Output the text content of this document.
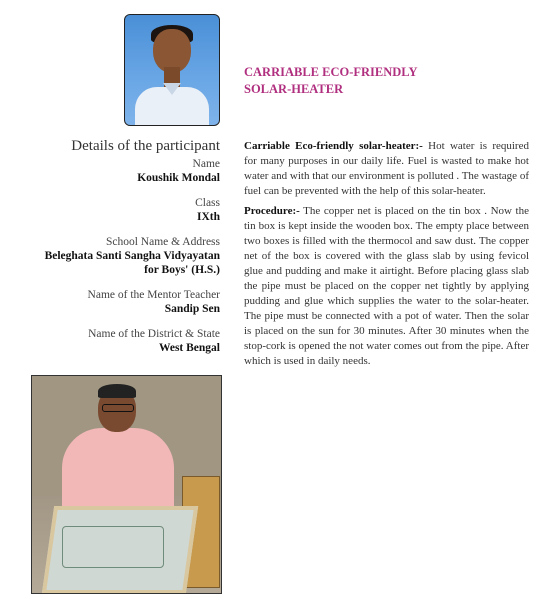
CARRIABLE ECO-FRIENDLY
SOLAR-HEATER
Details of the participant
Name
Koushik Mondal
Class
IXth
School Name & Address
Beleghata Santi Sangha Vidyayatan
for Boys' (H.S.)
Name of the Mentor Teacher
Sandip Sen
Name of the District & State
West Bengal

Carriable Eco-friendly solar-heater:- Hot water is required for many purposes in our daily life. Fuel is wasted to make hot water and with that our environment is polluted . The wastage of fuel can be prevented with the help of this solar-heater.

Procedure:- The copper net is placed on the tin box . Now the tin box is kept inside the wooden box. The empty place between two boxes is filled with the thermocol and saw dust. The copper net of the box is covered with the glass slab by using fevicol glue and pudding and make it airtight. Before placing glass slab the pipe must be placed on the copper net tightly by applying pudding and glue which supplies the water to the solar-heater. The pipe must be connected with a pot of water. Then the solar is placed on the sun for 30 minutes. After 30 minutes when the stop-cork is opened the not water comes out from the pipe. After which is used in daily needs.
